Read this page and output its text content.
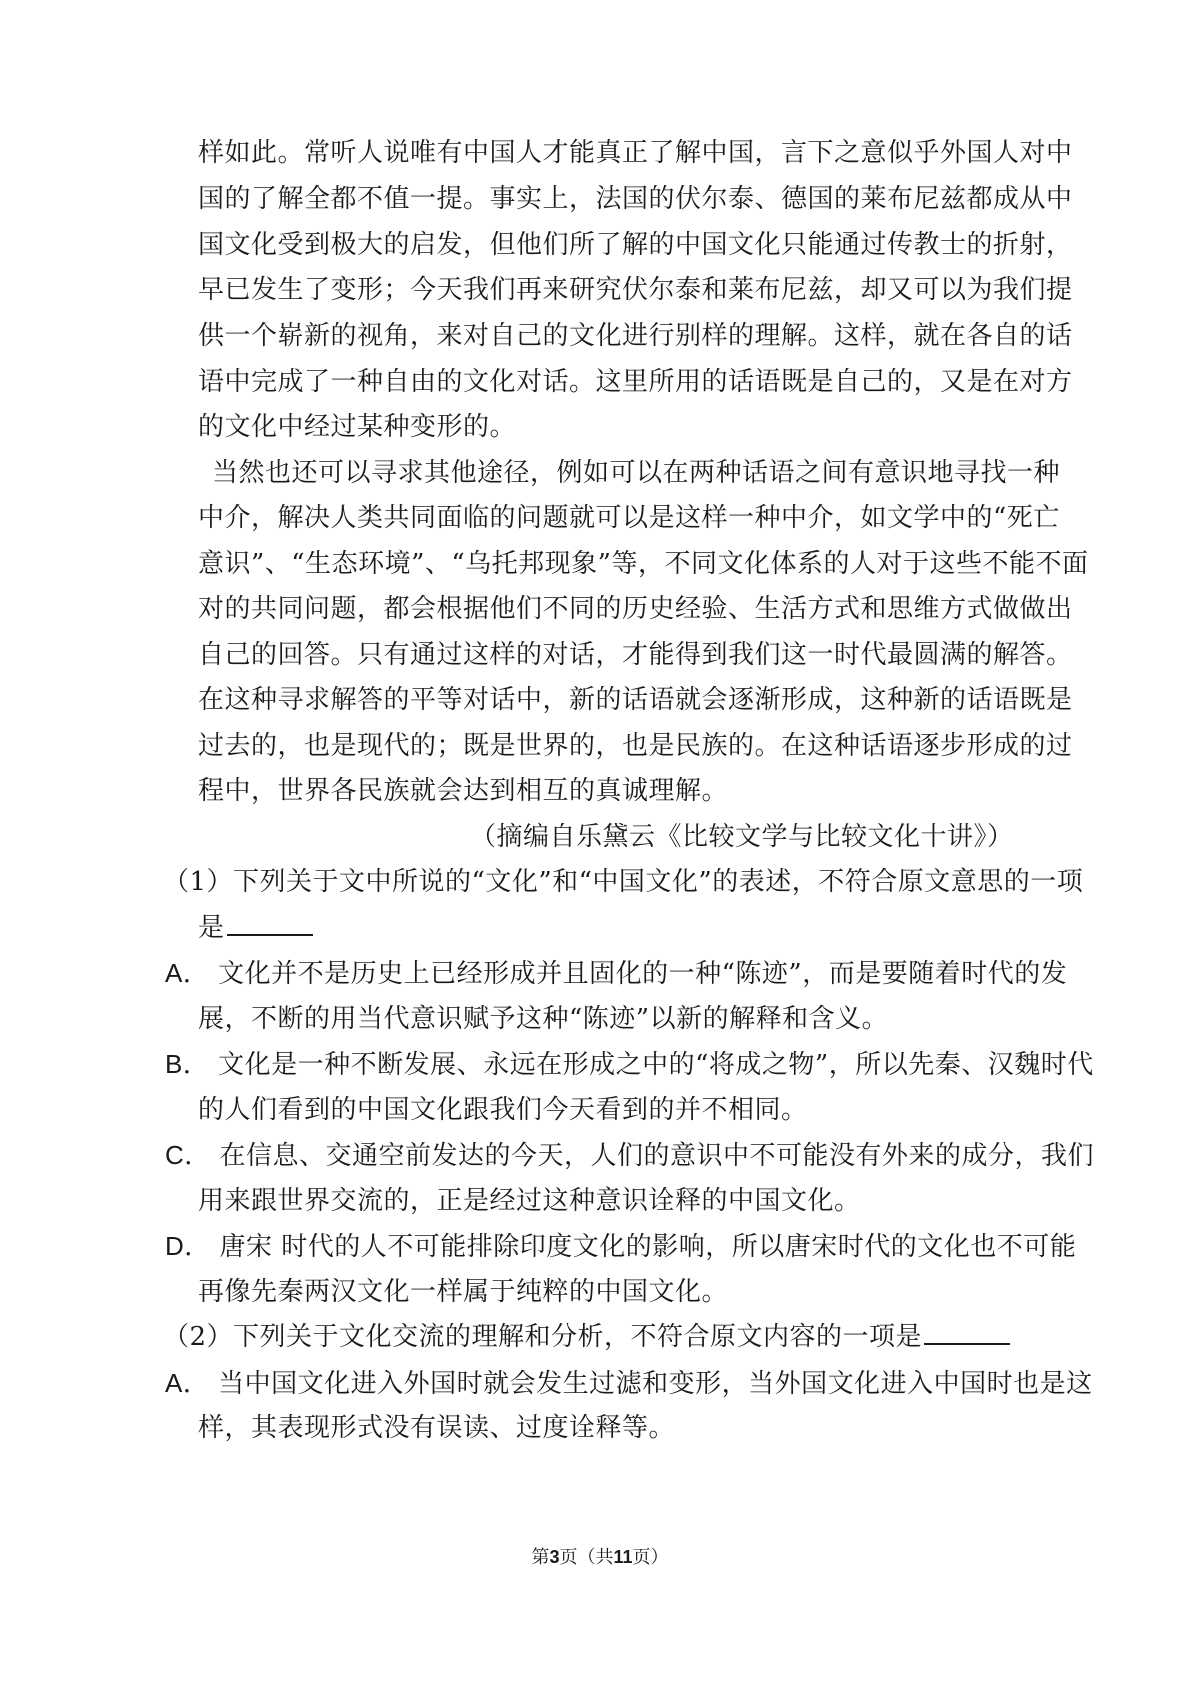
样如此。常听人说唯有中国人才能真正了解中国，言下之意似乎外国人对中
国的了解全都不值一提。事实上，法国的伏尔泰、德国的莱布尼兹都成从中
国文化受到极大的启发，但他们所了解的中国文化只能通过传教士的折射，
早已发生了变形；今天我们再来研究伏尔泰和莱布尼兹，却又可以为我们提
供一个崭新的视角，来对自己的文化进行别样的理解。这样，就在各自的话
语中完成了一种自由的文化对话。这里所用的话语既是自己的，又是在对方
的文化中经过某种变形的。
当然也还可以寻求其他途径，例如可以在两种话语之间有意识地寻找一种
中介，解决人类共同面临的问题就可以是这样一种中介，如文学中的“死亡
意识”、“生态环境”、“乌托邦现象”等，不同文化体系的人对于这些不能不面
对的共同问题，都会根据他们不同的历史经验、生活方式和思维方式做做出
自己的回答。只有通过这样的对话，才能得到我们这一时代最圆满的解答。
在这种寻求解答的平等对话中，新的话语就会逐渐形成，这种新的话语既是
过去的，也是现代的；既是世界的，也是民族的。在这种话语逐步形成的过
程中，世界各民族就会达到相互的真诚理解。
（摘编自乐黛云《比较文学与比较文化十讲》）
（1）下列关于文中所说的“文化”和“中国文化”的表述，不符合原文意思的一项
是
A． 文化并不是历史上已经形成并且固化的一种“陈迹”，而是要随着时代的发
展，不断的用当代意识赋予这种“陈迹”以新的解释和含义。
B． 文化是一种不断发展、永远在形成之中的“将成之物”，所以先秦、汉魏时代
的人们看到的中国文化跟我们今天看到的并不相同。
C． 在信息、交通空前发达的今天，人们的意识中不可能没有外来的成分，我们
用来跟世界交流的，正是经过这种意识诠释的中国文化。
D． 唐宋 时代的人不可能排除印度文化的影响，所以唐宋时代的文化也不可能
再像先秦两汉文化一样属于纯粹的中国文化。
（2）下列关于文化交流的理解和分析，不符合原文内容的一项是
A． 当中国文化进入外国时就会发生过滤和变形，当外国文化进入中国时也是这
样，其表现形式没有误读、过度诠释等。
第3页（共11页）
